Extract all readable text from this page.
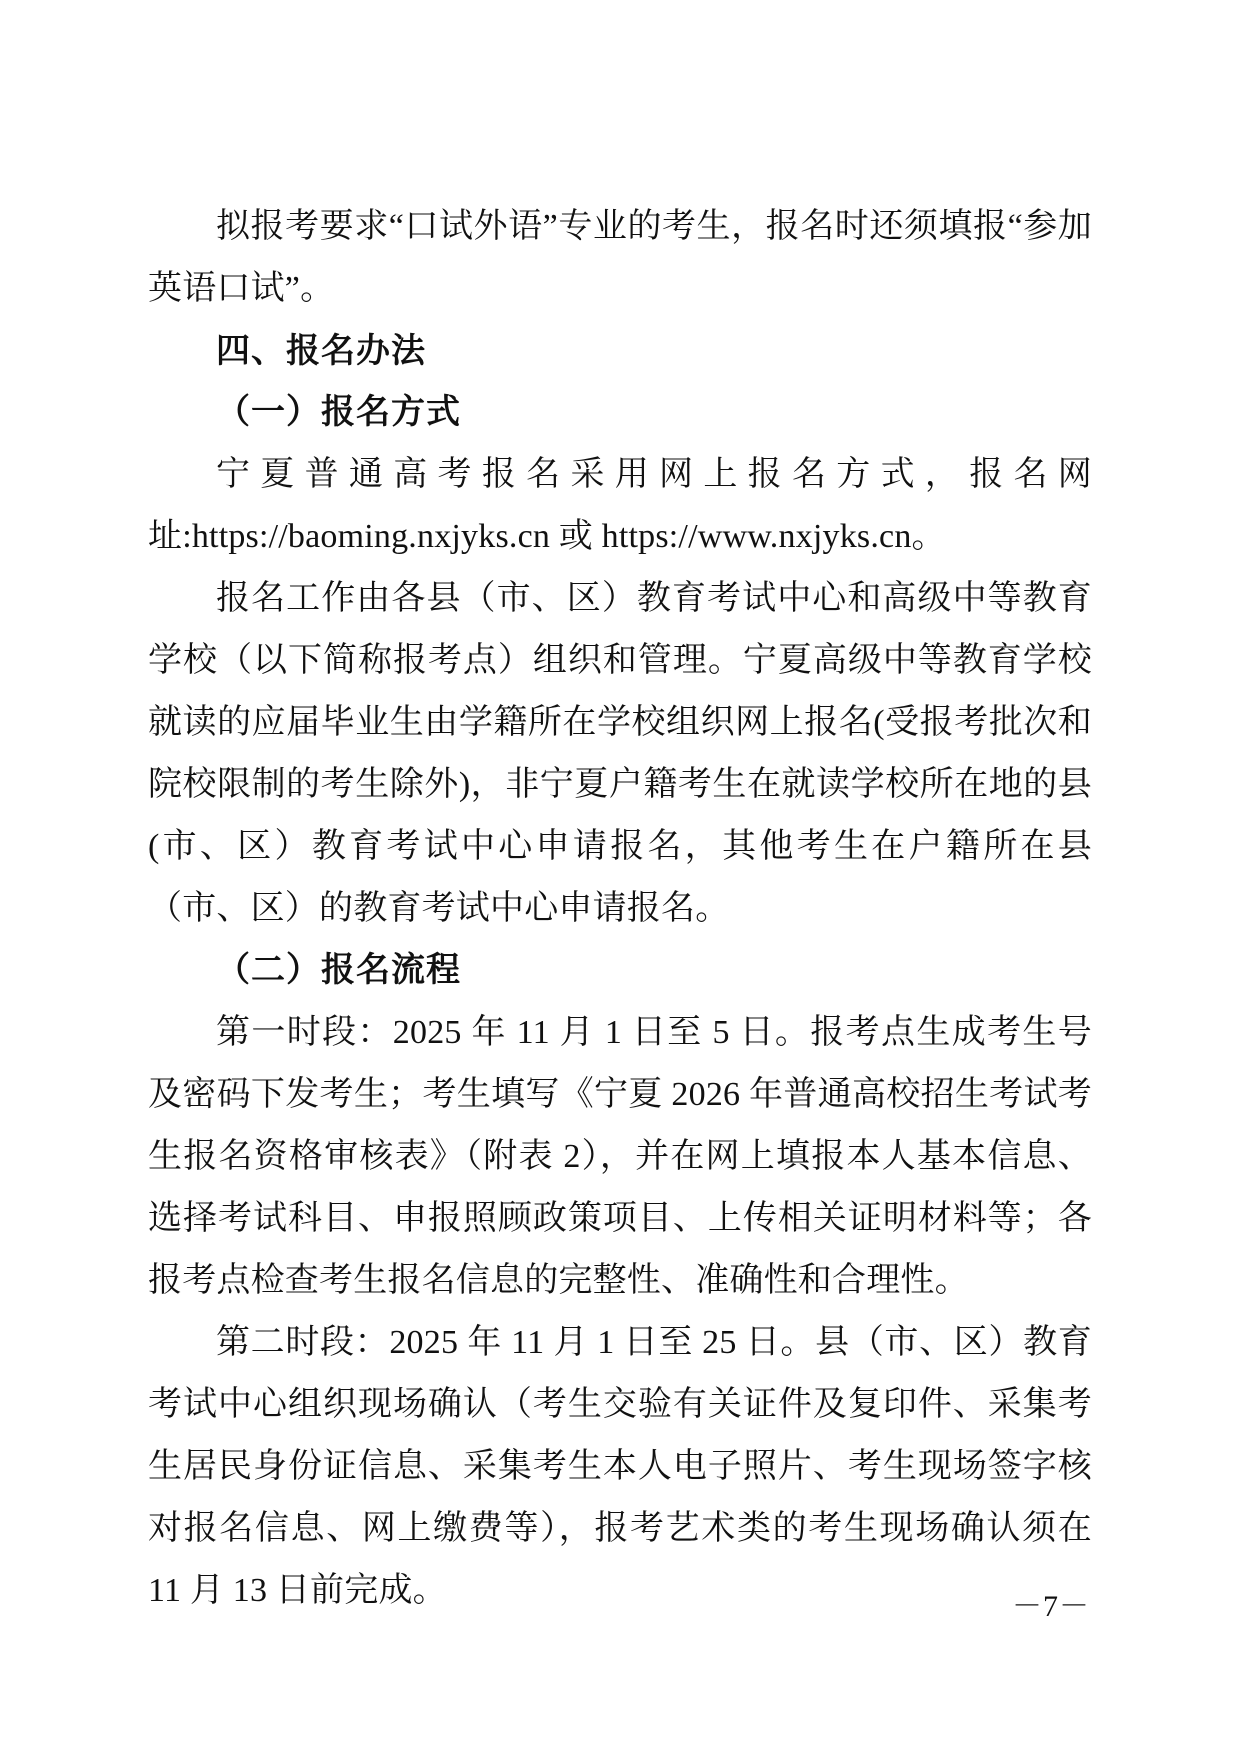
拟报考要求“口试外语”专业的考生，报名时还须填报“参加英语口试”。

四、报名办法

（一）报名方式

宁夏普通高考报名采用网上报名方式，报名网址:https://baoming.nxjyks.cn 或 https://www.nxjyks.cn。

报名工作由各县（市、区）教育考试中心和高级中等教育学校（以下简称报考点）组织和管理。宁夏高级中等教育学校就读的应届毕业生由学籍所在学校组织网上报名(受报考批次和院校限制的考生除外)，非宁夏户籍考生在就读学校所在地的县(市、区）教育考试中心申请报名，其他考生在户籍所在县（市、区）的教育考试中心申请报名。

（二）报名流程

第一时段：2025 年 11 月 1 日至 5 日。报考点生成考生号及密码下发考生；考生填写《宁夏 2026 年普通高校招生考试考生报名资格审核表》（附表 2），并在网上填报本人基本信息、选择考试科目、申报照顾政策项目、上传相关证明材料等；各报考点检查考生报名信息的完整性、准确性和合理性。

第二时段：2025 年 11 月 1 日至 25 日。县（市、区）教育考试中心组织现场确认（考生交验有关证件及复印件、采集考生居民身份证信息、采集考生本人电子照片、考生现场签字核对报名信息、网上缴费等），报考艺术类的考生现场确认须在 11 月 13 日前完成。	－7－
